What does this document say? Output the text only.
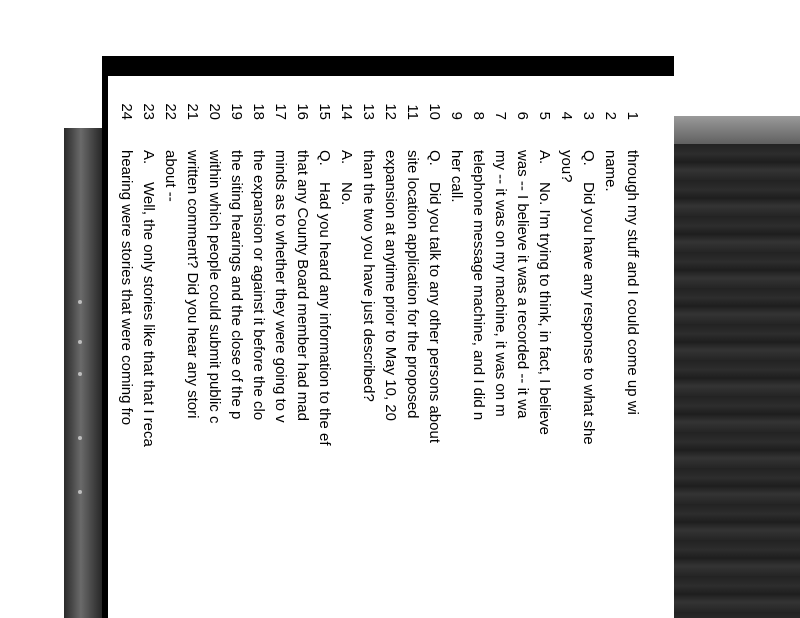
1
through my stuff and I could come up wi
2
name.
3
Q.
Did you have any response to what she
4
you?
5
A.
No. I'm trying to think, in fact, I believe
6
was -- I believe it was a recorded -- it wa
7
my -- it was on my machine, it was on m
8
telephone message machine, and I did n
9
her call.
10
Q.
Did you talk to any other persons about
11
site location application for the proposed
12
expansion at anytime prior to May 10, 20
13
than the two you have just described?
14
A.
No.
15
Q.
Had you heard any information to the ef
16
that any County Board member had mad
17
minds as to whether they were going to v
18
the expansion or against it before the clo
19
the siting hearings and the close of the p
20
within which people could submit public c
21
written comment? Did you hear any stori
22
about --
23
A.
Well, the only stories like that that I reca
24
hearing were stories that were coming fro
